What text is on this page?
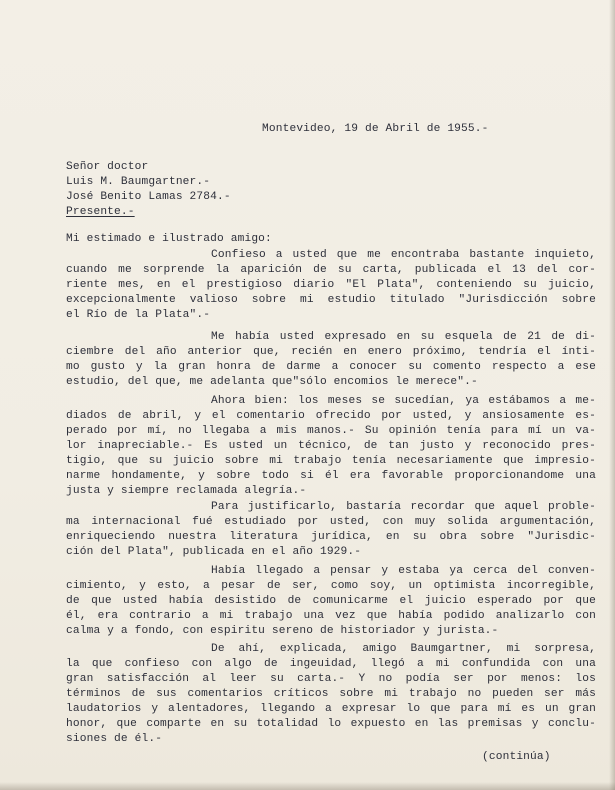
Montevideo, 19 de Abril de 1955.-
Señor doctor
Luis M. Baumgartner.-
José Benito Lamas 2784.-
Presente.-
Mi estimado e ilustrado amigo:
Confieso a usted que me encontraba bastante inquieto,
cuando me sorprende la aparición de su carta, publicada el 13 del cor-
riente mes, en el prestigioso diario "El Plata", conteniendo su juicio,
excepcionalmente valioso sobre mi estudio titulado "Jurisdicción sobre
el Río de la Plata".-
Me había usted expresado en su esquela de 21 de di-
ciembre del año anterior que, recién en enero próximo, tendría el ínti-
mo gusto y la gran honra de darme a conocer su comento respecto a ese
estudio, del que, me adelanta que"sólo encomios le merece".-
Ahora bien: los meses se sucedían, ya estábamos a me-
diados de abril, y el comentario ofrecido por usted, y ansiosamente es-
perado por mí, no llegaba a mis manos.- Su opinión tenía para mí un va-
lor inapreciable.- Es usted un técnico, de tan justo y reconocido pres-
tigio, que su juicio sobre mi trabajo tenía necesariamente que impresio-
narme hondamente, y sobre todo si él era favorable proporcionandome una
justa y siempre reclamada alegría.-
Para justificarlo, bastaría recordar que aquel proble-
ma internacional fué estudiado por usted, con muy solida argumentación,
enriqueciendo nuestra literatura jurídica, en su obra sobre "Jurisdic-
ción del Plata", publicada en el año 1929.-
Había llegado a pensar y estaba ya cerca del conven-
cimiento, y esto, a pesar de ser, como soy, un optimista incorregible,
de que usted había desistido de comunicarme el juicio esperado por que
él, era contrario a mi trabajo una vez que había podido analizarlo con
calma y a fondo, con espiritu sereno de historiador y jurista.-
De ahí, explicada, amigo Baumgartner, mi sorpresa,
la que confieso con algo de ingeuidad, llegó a mi confundida con una
gran satisfacción al leer su carta.- Y no podía ser por menos: los
términos de sus comentarios críticos sobre mi trabajo no pueden ser más
laudatorios y alentadores, llegando a expresar lo que para mí es un gran
honor, que comparte en su totalidad lo expuesto en las premisas y conclu-
siones de él.-
(continúa)
